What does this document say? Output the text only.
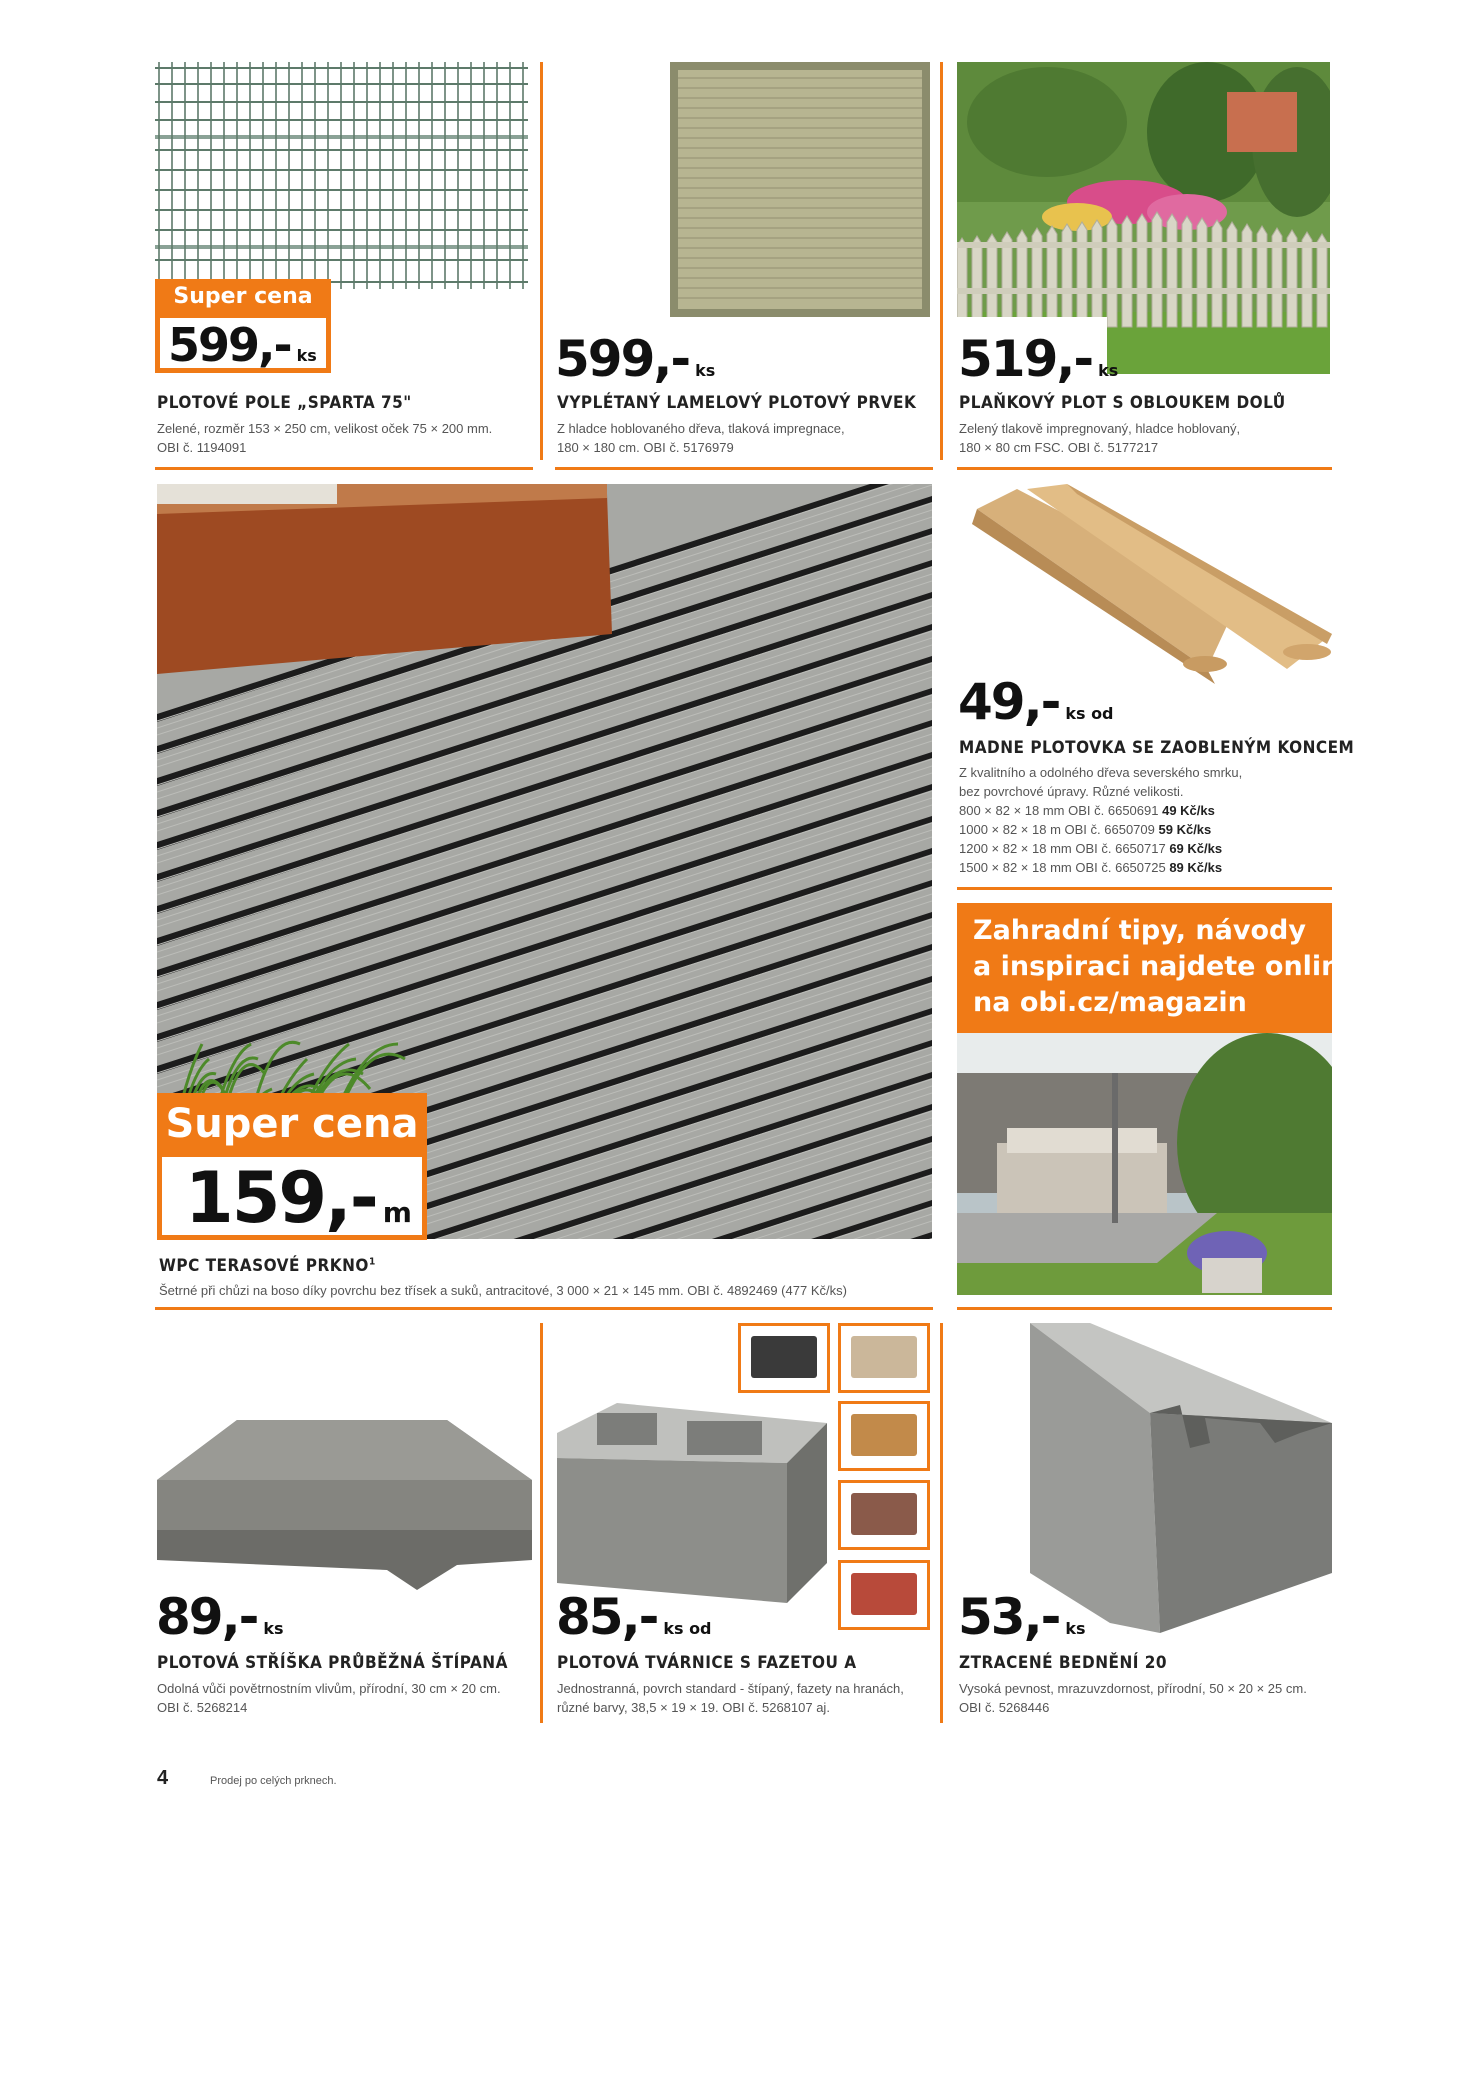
Super cena
599,- ks
PLOTOVÉ POLE „SPARTA 75"
Zelené, rozměr 153 × 250 cm, velikost oček 75 × 200 mm.
OBI č. 1194091
599,- ks
VYPLÉTANÝ LAMELOVÝ PLOTOVÝ PRVEK
Z hladce hoblovaného dřeva, tlaková impregnace,
180 × 180 cm. OBI č. 5176979
519,- ks
PLAŇKOVÝ PLOT S OBLOUKEM DOLŮ
Zelený tlakově impregnovaný, hladce hoblovaný,
180 × 80 cm FSC. OBI č. 5177217
Super cena
159,- m
WPC TERASOVÉ PRKNO$^1$
Šetrné při chůzi na boso díky povrchu bez třísek a suků, antracitové, 3 000 × 21 × 145 mm. OBI č. 4892469 (477 Kč/ks)
49,- ks od
MADNE PLOTOVKA SE ZAOBLENÝM KONCEM
Z kvalitního a odolného dřeva severského smrku,
bez povrchové úpravy. Různé velikosti.
800 × 82 × 18 mm OBI č. 6650691 49 Kč/ks
1000 × 82 × 18 m OBI č. 6650709 59 Kč/ks
1200 × 82 × 18 mm OBI č. 6650717 69 Kč/ks
1500 × 82 × 18 mm OBI č. 6650725 89 Kč/ks
Zahradní tipy, návody
a inspiraci najdete online
na obi.cz/magazin
89,- ks
PLOTOVÁ STŘÍŠKA PRŮBĚŽNÁ ŠTÍPANÁ
Odolná vůči povětrnostním vlivům, přírodní, 30 cm × 20 cm.
OBI č. 5268214
85,- ks od
PLOTOVÁ TVÁRNICE S FAZETOU A
Jednostranná, povrch standard - štípaný, fazety na hranách,
různé barvy, 38,5 × 19 × 19. OBI č. 5268107 aj.
53,- ks
ZTRACENÉ BEDNĚNÍ 20
Vysoká pevnost, mrazuvzdornost, přírodní, 50 × 20 × 25 cm.
OBI č. 5268446
4	Prodej po celých prknech.
